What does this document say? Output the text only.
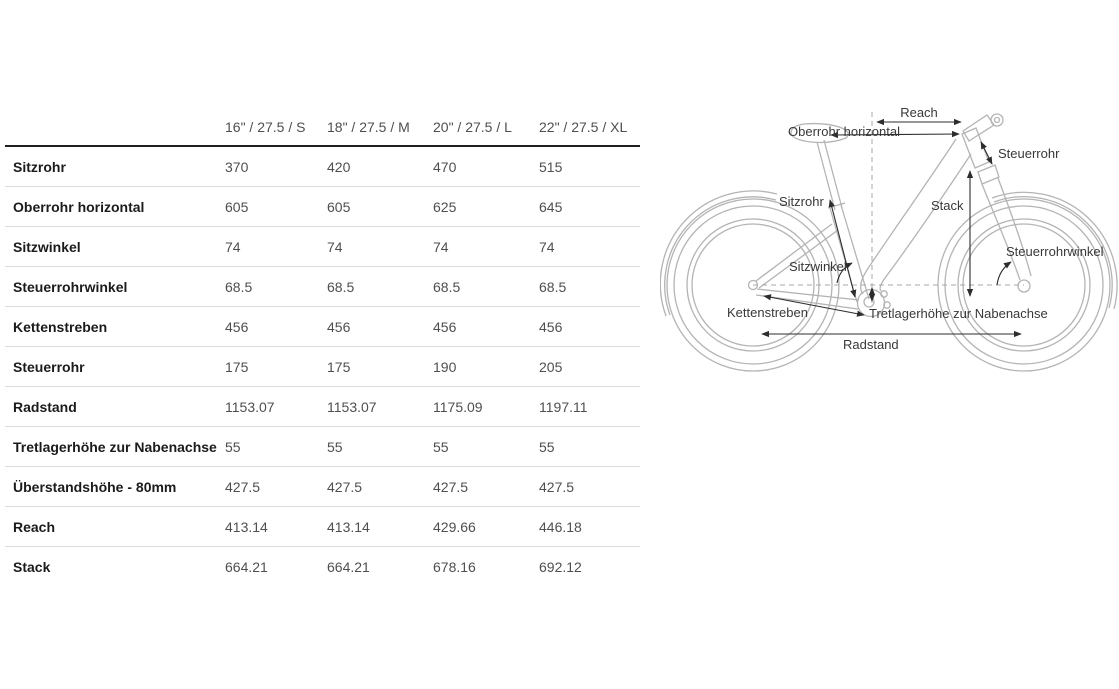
	16" / 27.5 / S	18" / 27.5 / M	20" / 27.5 / L	22" / 27.5 / XL
Sitzrohr	370	420	470	515
Oberrohr horizontal	605	605	625	645
Sitzwinkel	74	74	74	74
Steuerrohrwinkel	68.5	68.5	68.5	68.5
Kettenstreben	456	456	456	456
Steuerrohr	175	175	190	205
Radstand	1153.07	1153.07	1175.09	1197.11
Tretlagerhöhe zur Nabenachse	55	55	55	55
Überstandshöhe - 80mm	427.5	427.5	427.5	427.5
Reach	413.14	413.14	429.66	446.18
Stack	664.21	664.21	678.16	692.12
Reach
Oberrohr horizontal
Steuerrohr
Sitzrohr	Stack
Steuerrohrwinkel
Sitzwinkel
Kettenstreben	Tretlagerhöhe zur Nabenachse
Radstand
